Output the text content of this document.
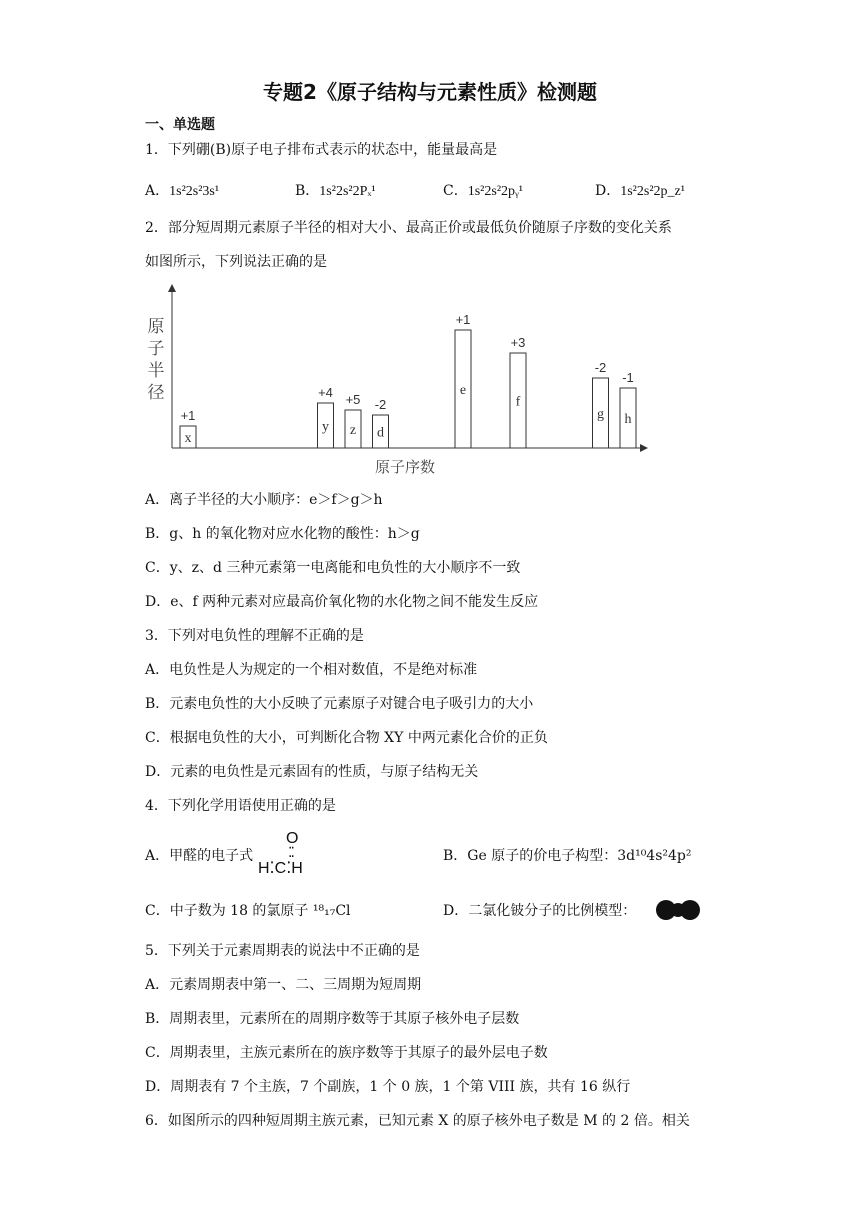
专题2《原子结构与元素性质》检测题
一、单选题
1．下列硼(B)原子电子排布式表示的状态中，能量最高是
A．1s²2s²3s¹	B．1s²2s²2Pₓ¹	C．1s²2s²2pᵧ¹	D．1s²2s²2p_z¹
2．部分短周期元素原子半径的相对大小、最高正价或最低负价随原子序数的变化关系
如图所示，下列说法正确的是
原
子
半
径
原子序数
x
+1
y
+4
z
+5
d
-2
e
+1
f
+3
g
-2
h
-1
A．离子半径的大小顺序：e＞f＞g＞h
B．g、h 的氧化物对应水化物的酸性：h＞g
C．y、z、d 三种元素第一电离能和电负性的大小顺序不一致
D．e、f 两种元素对应最高价氧化物的水化物之间不能发生反应
3．下列对电负性的理解不正确的是
A．电负性是人为规定的一个相对数值，不是绝对标准
B．元素电负性的大小反映了元素原子对键合电子吸引力的大小
C．根据电负性的大小，可判断化合物 XY 中两元素化合价的正负
D．元素的电负性是元素固有的性质，与原子结构无关
4．下列化学用语使用正确的是
A．甲醛的电子式
O
⁚⁚
H⁚C⁚H
B．Ge 原子的价电子构型：3d¹⁰4s²4p²
C．中子数为 18 的氯原子 ¹⁸₁₇Cl	D．二氯化铍分子的比例模型：
5．下列关于元素周期表的说法中不正确的是
A．元素周期表中第一、二、三周期为短周期
B．周期表里，元素所在的周期序数等于其原子核外电子层数
C．周期表里，主族元素所在的族序数等于其原子的最外层电子数
D．周期表有 7 个主族，7 个副族，1 个 0 族，1 个第 VIII 族，共有 16 纵行
6．如图所示的四种短周期主族元素，已知元素 X 的原子核外电子数是 M 的 2 倍。相关
